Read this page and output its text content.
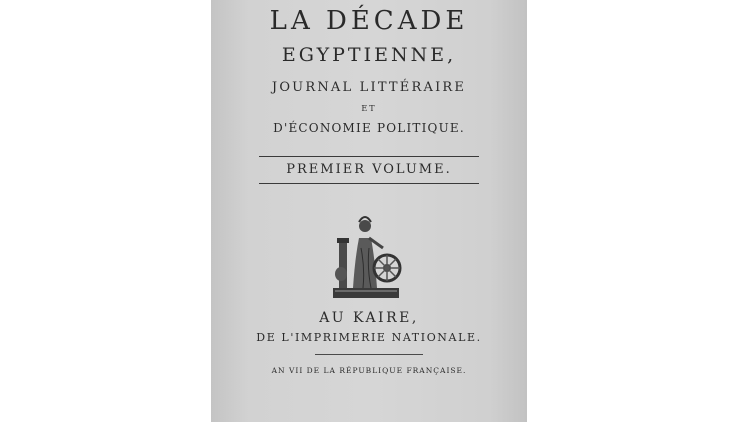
LA DÉCADE
EGYPTIENNE,
JOURNAL LITTÉRAIRE
ET
D'ÉCONOMIE POLITIQUE.
PREMIER VOLUME.
AU KAIRE,
DE L'IMPRIMERIE NATIONALE.
AN VII DE LA RÉPUBLIQUE FRANÇAISE.
